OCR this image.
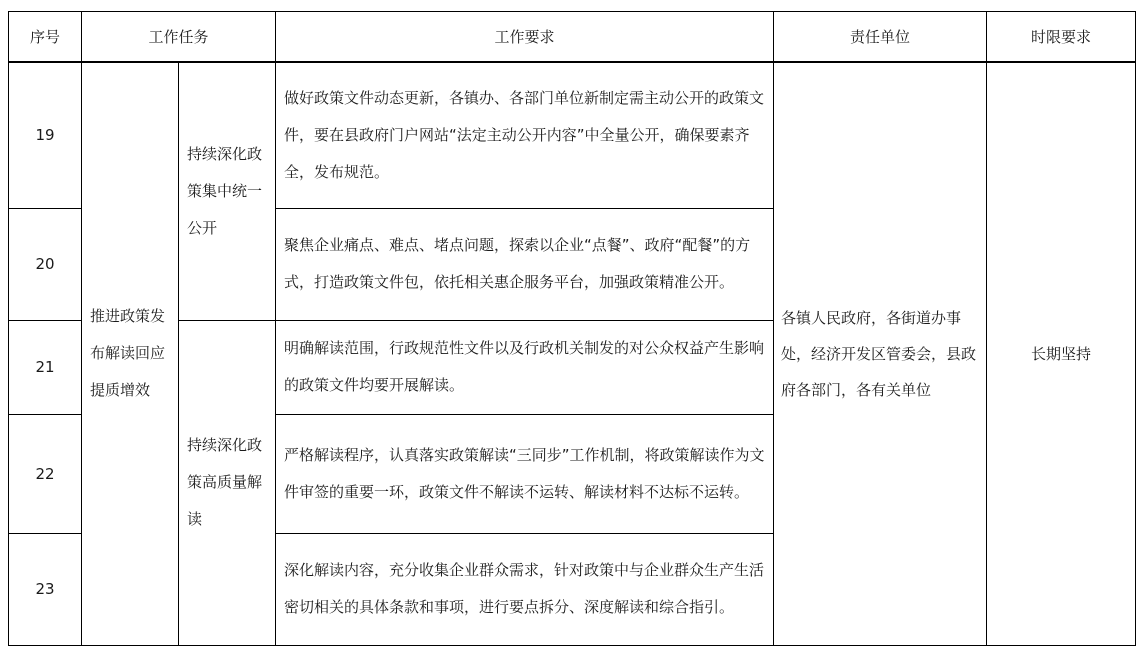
序号	工作任务		工作要求	责任单位	时限要求
19	推进政策发布解读回应提质增效	持续深化政策集中统一公开	做好政策文件动态更新，各镇办、各部门单位新制定需主动公开的政策文件，要在县政府门户网站“法定主动公开内容”中全量公开，确保要素齐全，发布规范。	各镇人民政府，各街道办事处，经济开发区管委会，县政府各部门，各有关单位	长期坚持
20			聚焦企业痛点、难点、堵点问题，探索以企业“点餐”、政府“配餐”的方式，打造政策文件包，依托相关惠企服务平台，加强政策精准公开。		
21		持续深化政策高质量解读	明确解读范围，行政规范性文件以及行政机关制发的对公众权益产生影响的政策文件均要开展解读。		
22			严格解读程序，认真落实政策解读“三同步”工作机制，将政策解读作为文件审签的重要一环，政策文件不解读不运转、解读材料不达标不运转。		
23			深化解读内容，充分收集企业群众需求，针对政策中与企业群众生产生活密切相关的具体条款和事项，进行要点拆分、深度解读和综合指引。		
